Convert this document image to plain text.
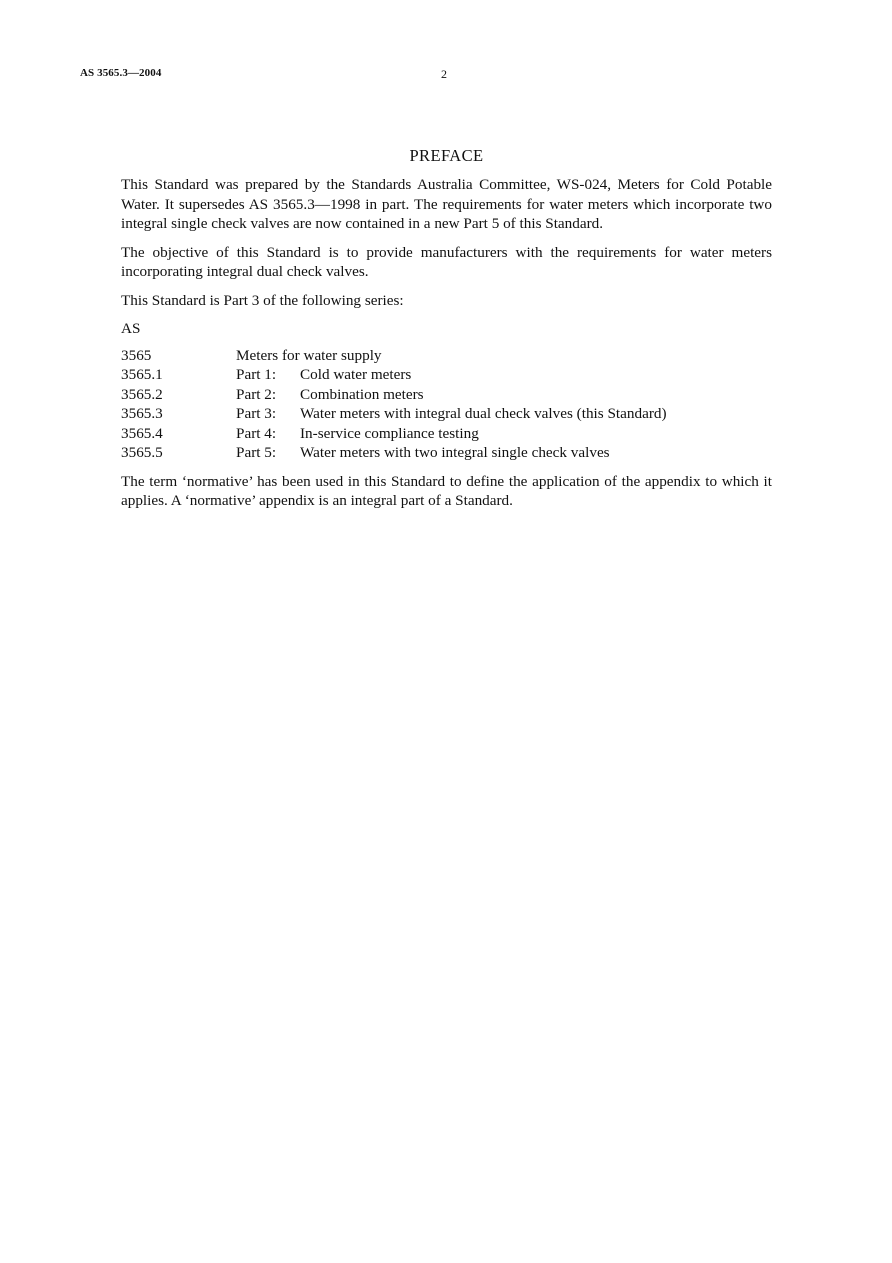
AS 3565.3—2004	2
PREFACE

This Standard was prepared by the Standards Australia Committee, WS-024, Meters for Cold Potable Water. It supersedes AS 3565.3—1998 in part. The requirements for water meters which incorporate two integral single check valves are now contained in a new Part 5 of this Standard.

The objective of this Standard is to provide manufacturers with the requirements for water meters incorporating integral dual check valves.

This Standard is Part 3 of the following series:

AS
3565	Meters for water supply
3565.1	Part 1:	Cold water meters
3565.2	Part 2:	Combination meters
3565.3	Part 3:	Water meters with integral dual check valves (this Standard)
3565.4	Part 4:	In-service compliance testing
3565.5	Part 5:	Water meters with two integral single check valves

The term ‘normative’ has been used in this Standard to define the application of the appendix to which it applies. A ‘normative’ appendix is an integral part of a Standard.
